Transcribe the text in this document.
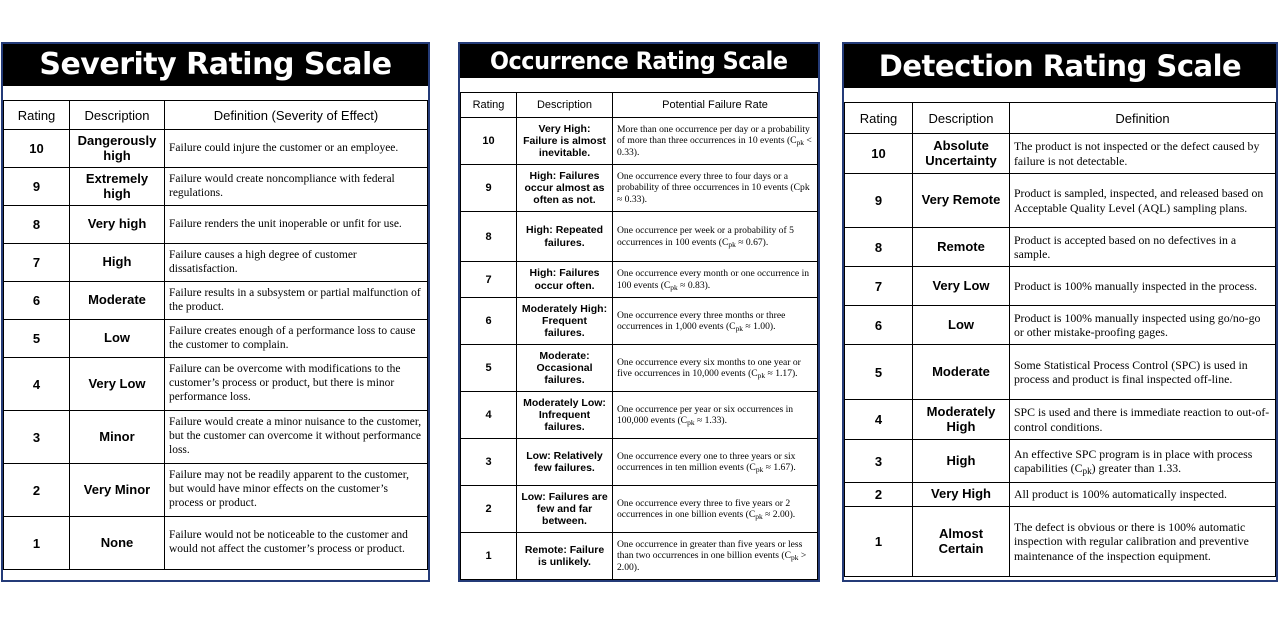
Severity Rating Scale
Rating	Description	Definition (Severity of Effect)
10	Dangerously high	Failure could injure the customer or an employee.
9	Extremely high	Failure would create noncompliance with federal regulations.
8	Very high	Failure renders the unit inoperable or unfit for use.
7	High	Failure causes a high degree of customer dissatisfaction.
6	Moderate	Failure results in a subsystem or partial malfunction of the product.
5	Low	Failure creates enough of a performance loss to cause the customer to complain.
4	Very Low	Failure can be overcome with modifications to the customer’s process or product, but there is minor performance loss.
3	Minor	Failure would create a minor nuisance to the customer, but the customer can overcome it without performance loss.
2	Very Minor	Failure may not be readily apparent to the customer, but would have minor effects on the customer’s process or product.
1	None	Failure would not be noticeable to the customer and would not affect the customer’s process or product.
Occurrence Rating Scale
Rating	Description	Potential Failure Rate
10	Very High: Failure is almost inevitable.	More than one occurrence per day or a probability of more than three occurrences in 10 events $(C_{pk} < 0.33)$.
9	High: Failures occur almost as often as not.	One occurrence every three to four days or a probability of three occurrences in 10 events (Cpk ≈ 0.33).
8	High: Repeated failures.	One occurrence per week or a probability of 5 occurrences in 100 events $(C_{pk} \approx 0.67)$.
7	High: Failures occur often.	One occurrence every month or one occurrence in 100 events $(C_{pk} \approx 0.83)$.
6	Moderately High: Frequent failures.	One occurrence every three months or three occurrences in 1,000 events $(C_{pk} \approx 1.00)$.
5	Moderate: Occasional failures.	One occurrence every six months to one year or five occurrences in 10,000 events $(C_{pk} \approx 1.17)$.
4	Moderately Low: Infrequent failures.	One occurrence per year or six occurrences in 100,000 events $(C_{pk} \approx 1.33)$.
3	Low: Relatively few failures.	One occurrence every one to three years or six occurrences in ten million events $(C_{pk} \approx 1.67)$.
2	Low: Failures are few and far between.	One occurrence every three to five years or 2 occurrences in one billion events $(C_{pk} \approx 2.00)$.
1	Remote: Failure is unlikely.	One occurrence in greater than five years or less than two occurrences in one billion events $(C_{pk} > 2.00)$.
Detection Rating Scale
Rating	Description	Definition
10	Absolute Uncertainty	The product is not inspected or the defect caused by failure is not detectable.
9	Very Remote	Product is sampled, inspected, and released based on Acceptable Quality Level (AQL) sampling plans.
8	Remote	Product is accepted based on no defectives in a sample.
7	Very Low	Product is 100% manually inspected in the process.
6	Low	Product is 100% manually inspected using go/no-go or other mistake-proofing gages.
5	Moderate	Some Statistical Process Control (SPC) is used in process and product is final inspected off-line.
4	Moderately High	SPC is used and there is immediate reaction to out-of-control conditions.
3	High	An effective SPC program is in place with process capabilities $(C_{pk})$ greater than 1.33.
2	Very High	All product is 100% automatically inspected.
1	Almost Certain	The defect is obvious or there is 100% automatic inspection with regular calibration and preventive maintenance of the inspection equipment.
